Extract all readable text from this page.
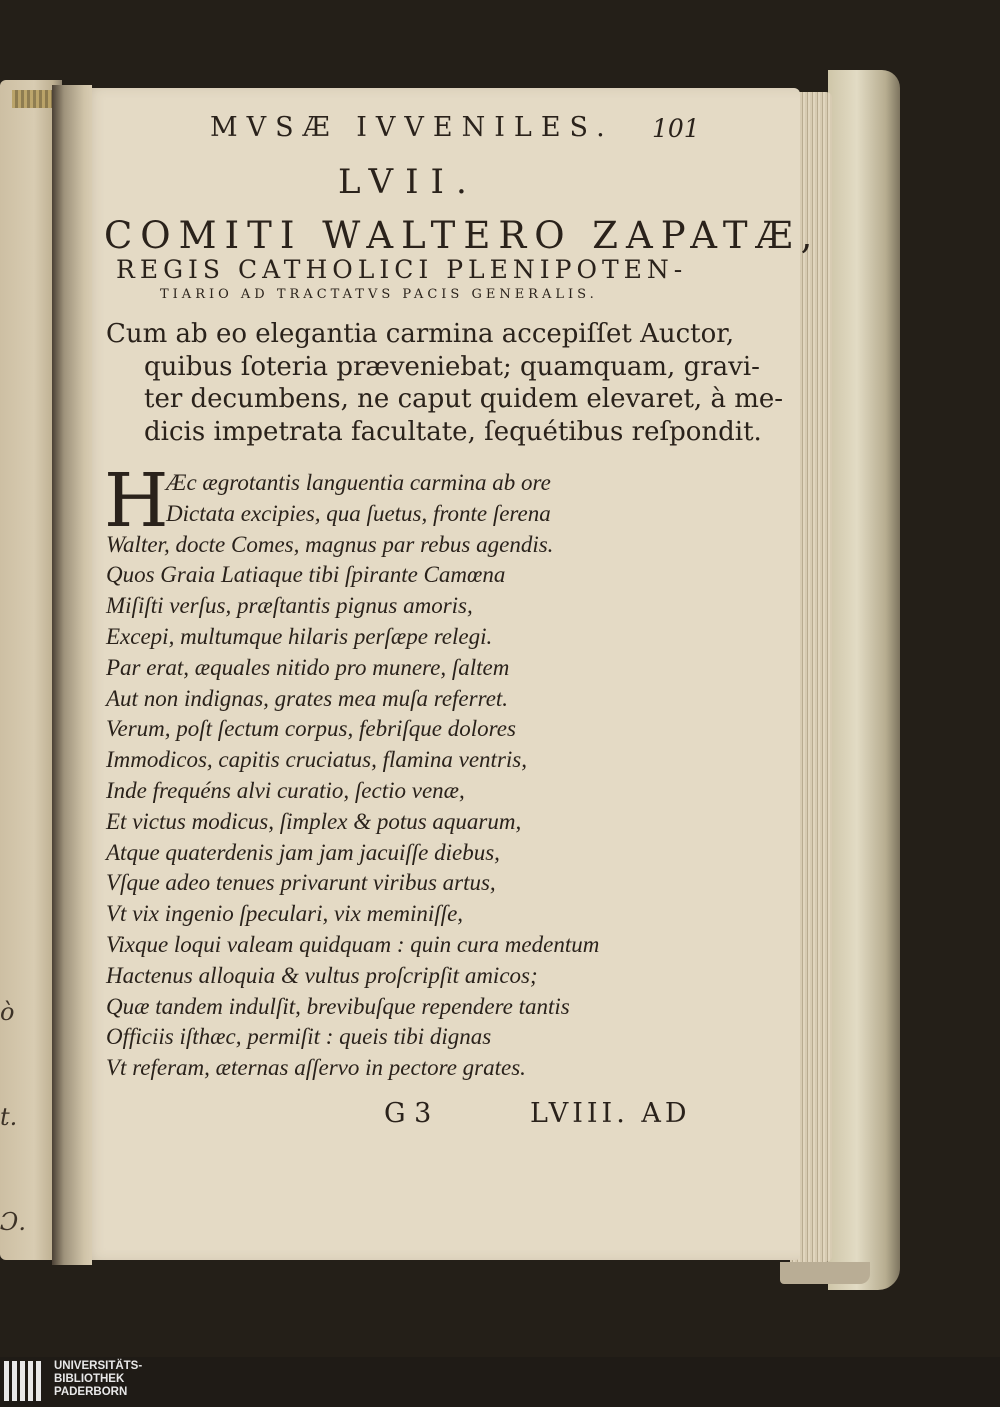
ò
t.
Ɔ.
MVSÆ IVVENILES. 101
LVII.
COMITI WALTERO ZAPATÆ,
REGIS CATHOLICI PLENIPOTEN-
TIARIO AD TRACTATVS PACIS GENERALIS.
Cum ab eo elegantia carmina accepiſſet Auctor,
quibus ſoteria præveniebat; quamquam, gravi-
ter decumbens, ne caput quidem elevaret, à me-
dicis impetrata facultate, ſequétibus reſpondit.
H
Æc ægrotantis languentia carmina ab ore
Dictata excipies, qua ſuetus, fronte ſerena
Walter, docte Comes, magnus par rebus agendis.
Quos Graia Latiaque tibi ſpirante Camœna
Miſiſti verſus, præſtantis pignus amoris,
Excepi, multumque hilaris perſæpe relegi.
Par erat, æquales nitido pro munere, ſaltem
Aut non indignas, grates mea muſa referret.
Verum, poſt ſectum corpus, febriſque dolores
Immodicos, capitis cruciatus, flamina ventris,
Inde frequéns alvi curatio, ſectio venæ,
Et victus modicus, ſimplex & potus aquarum,
Atque quaterdenis jam jam jacuiſſe diebus,
Vſque adeo tenues privarunt viribus artus,
Vt vix ingenio ſpeculari, vix meminiſſe,
Vixque loqui valeam quidquam : quin cura medentum
Hactenus alloquia & vultus proſcripſit amicos;
Quæ tandem indulſit, brevibuſque rependere tantis
Officiis iſthæc, permiſit : queis tibi dignas
Vt referam, æternas aſſervo in pectore grates.
G 3	LVIII. AD
UNIVERSITÄTS-
BIBLIOTHEK
PADERBORN
